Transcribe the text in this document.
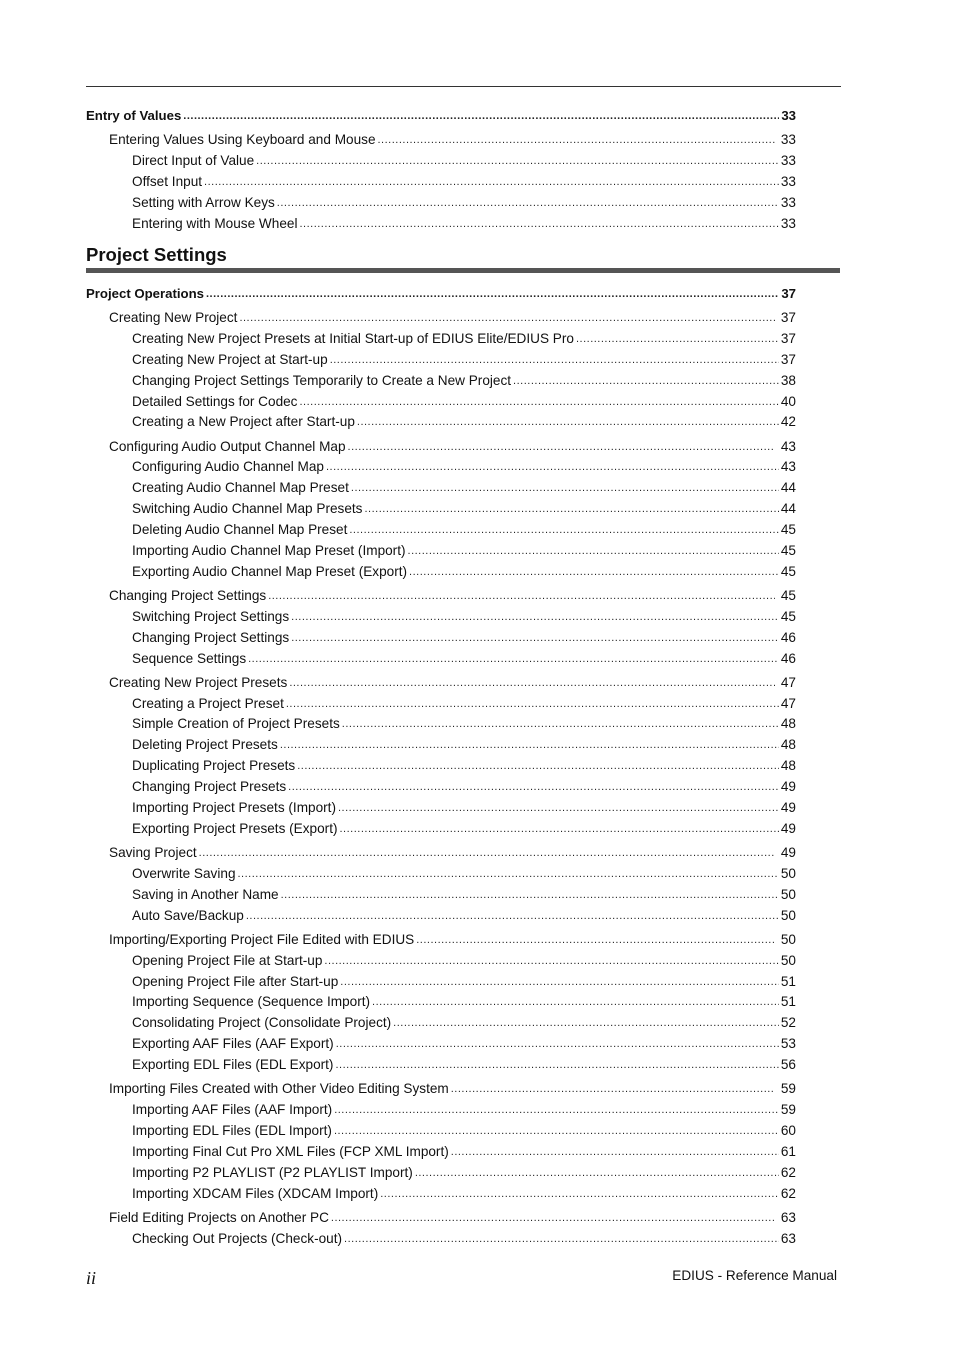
Entry of Values .....	33
Entering Values Using Keyboard and Mouse .....	33
Direct Input of Value .....	33
Offset Input .....	33
Setting with Arrow Keys .....	33
Entering with Mouse Wheel .....	33
Project Settings
Project Operations .....	37
Creating New Project .....	37
Creating New Project Presets at Initial Start-up of EDIUS Elite/EDIUS Pro .....	37
Creating New Project at Start-up .....	37
Changing Project Settings Temporarily to Create a New Project .....	38
Detailed Settings for Codec .....	40
Creating a New Project after Start-up .....	42
Configuring Audio Output Channel Map .....	43
Configuring Audio Channel Map .....	43
Creating Audio Channel Map Preset .....	44
Switching Audio Channel Map Presets .....	44
Deleting Audio Channel Map Preset .....	45
Importing Audio Channel Map Preset (Import) .....	45
Exporting Audio Channel Map Preset (Export) .....	45
Changing Project Settings .....	45
Switching Project Settings .....	45
Changing Project Settings .....	46
Sequence Settings .....	46
Creating New Project Presets .....	47
Creating a Project Preset .....	47
Simple Creation of Project Presets .....	48
Deleting Project Presets .....	48
Duplicating Project Presets .....	48
Changing Project Presets .....	49
Importing Project Presets (Import) .....	49
Exporting Project Presets (Export) .....	49
Saving Project .....	49
Overwrite Saving .....	50
Saving in Another Name .....	50
Auto Save/Backup .....	50
Importing/Exporting Project File Edited with EDIUS .....	50
Opening Project File at Start-up .....	50
Opening Project File after Start-up .....	51
Importing Sequence (Sequence Import) .....	51
Consolidating Project (Consolidate Project) .....	52
Exporting AAF Files (AAF Export) .....	53
Exporting EDL Files (EDL Export) .....	56
Importing Files Created with Other Video Editing System .....	59
Importing AAF Files (AAF Import) .....	59
Importing EDL Files (EDL Import) .....	60
Importing Final Cut Pro XML Files (FCP XML Import) .....	61
Importing P2 PLAYLIST (P2 PLAYLIST Import) .....	62
Importing XDCAM Files (XDCAM Import) .....	62
Field Editing Projects on Another PC .....	63
Checking Out Projects (Check-out) .....	63
ii	EDIUS - Reference Manual
